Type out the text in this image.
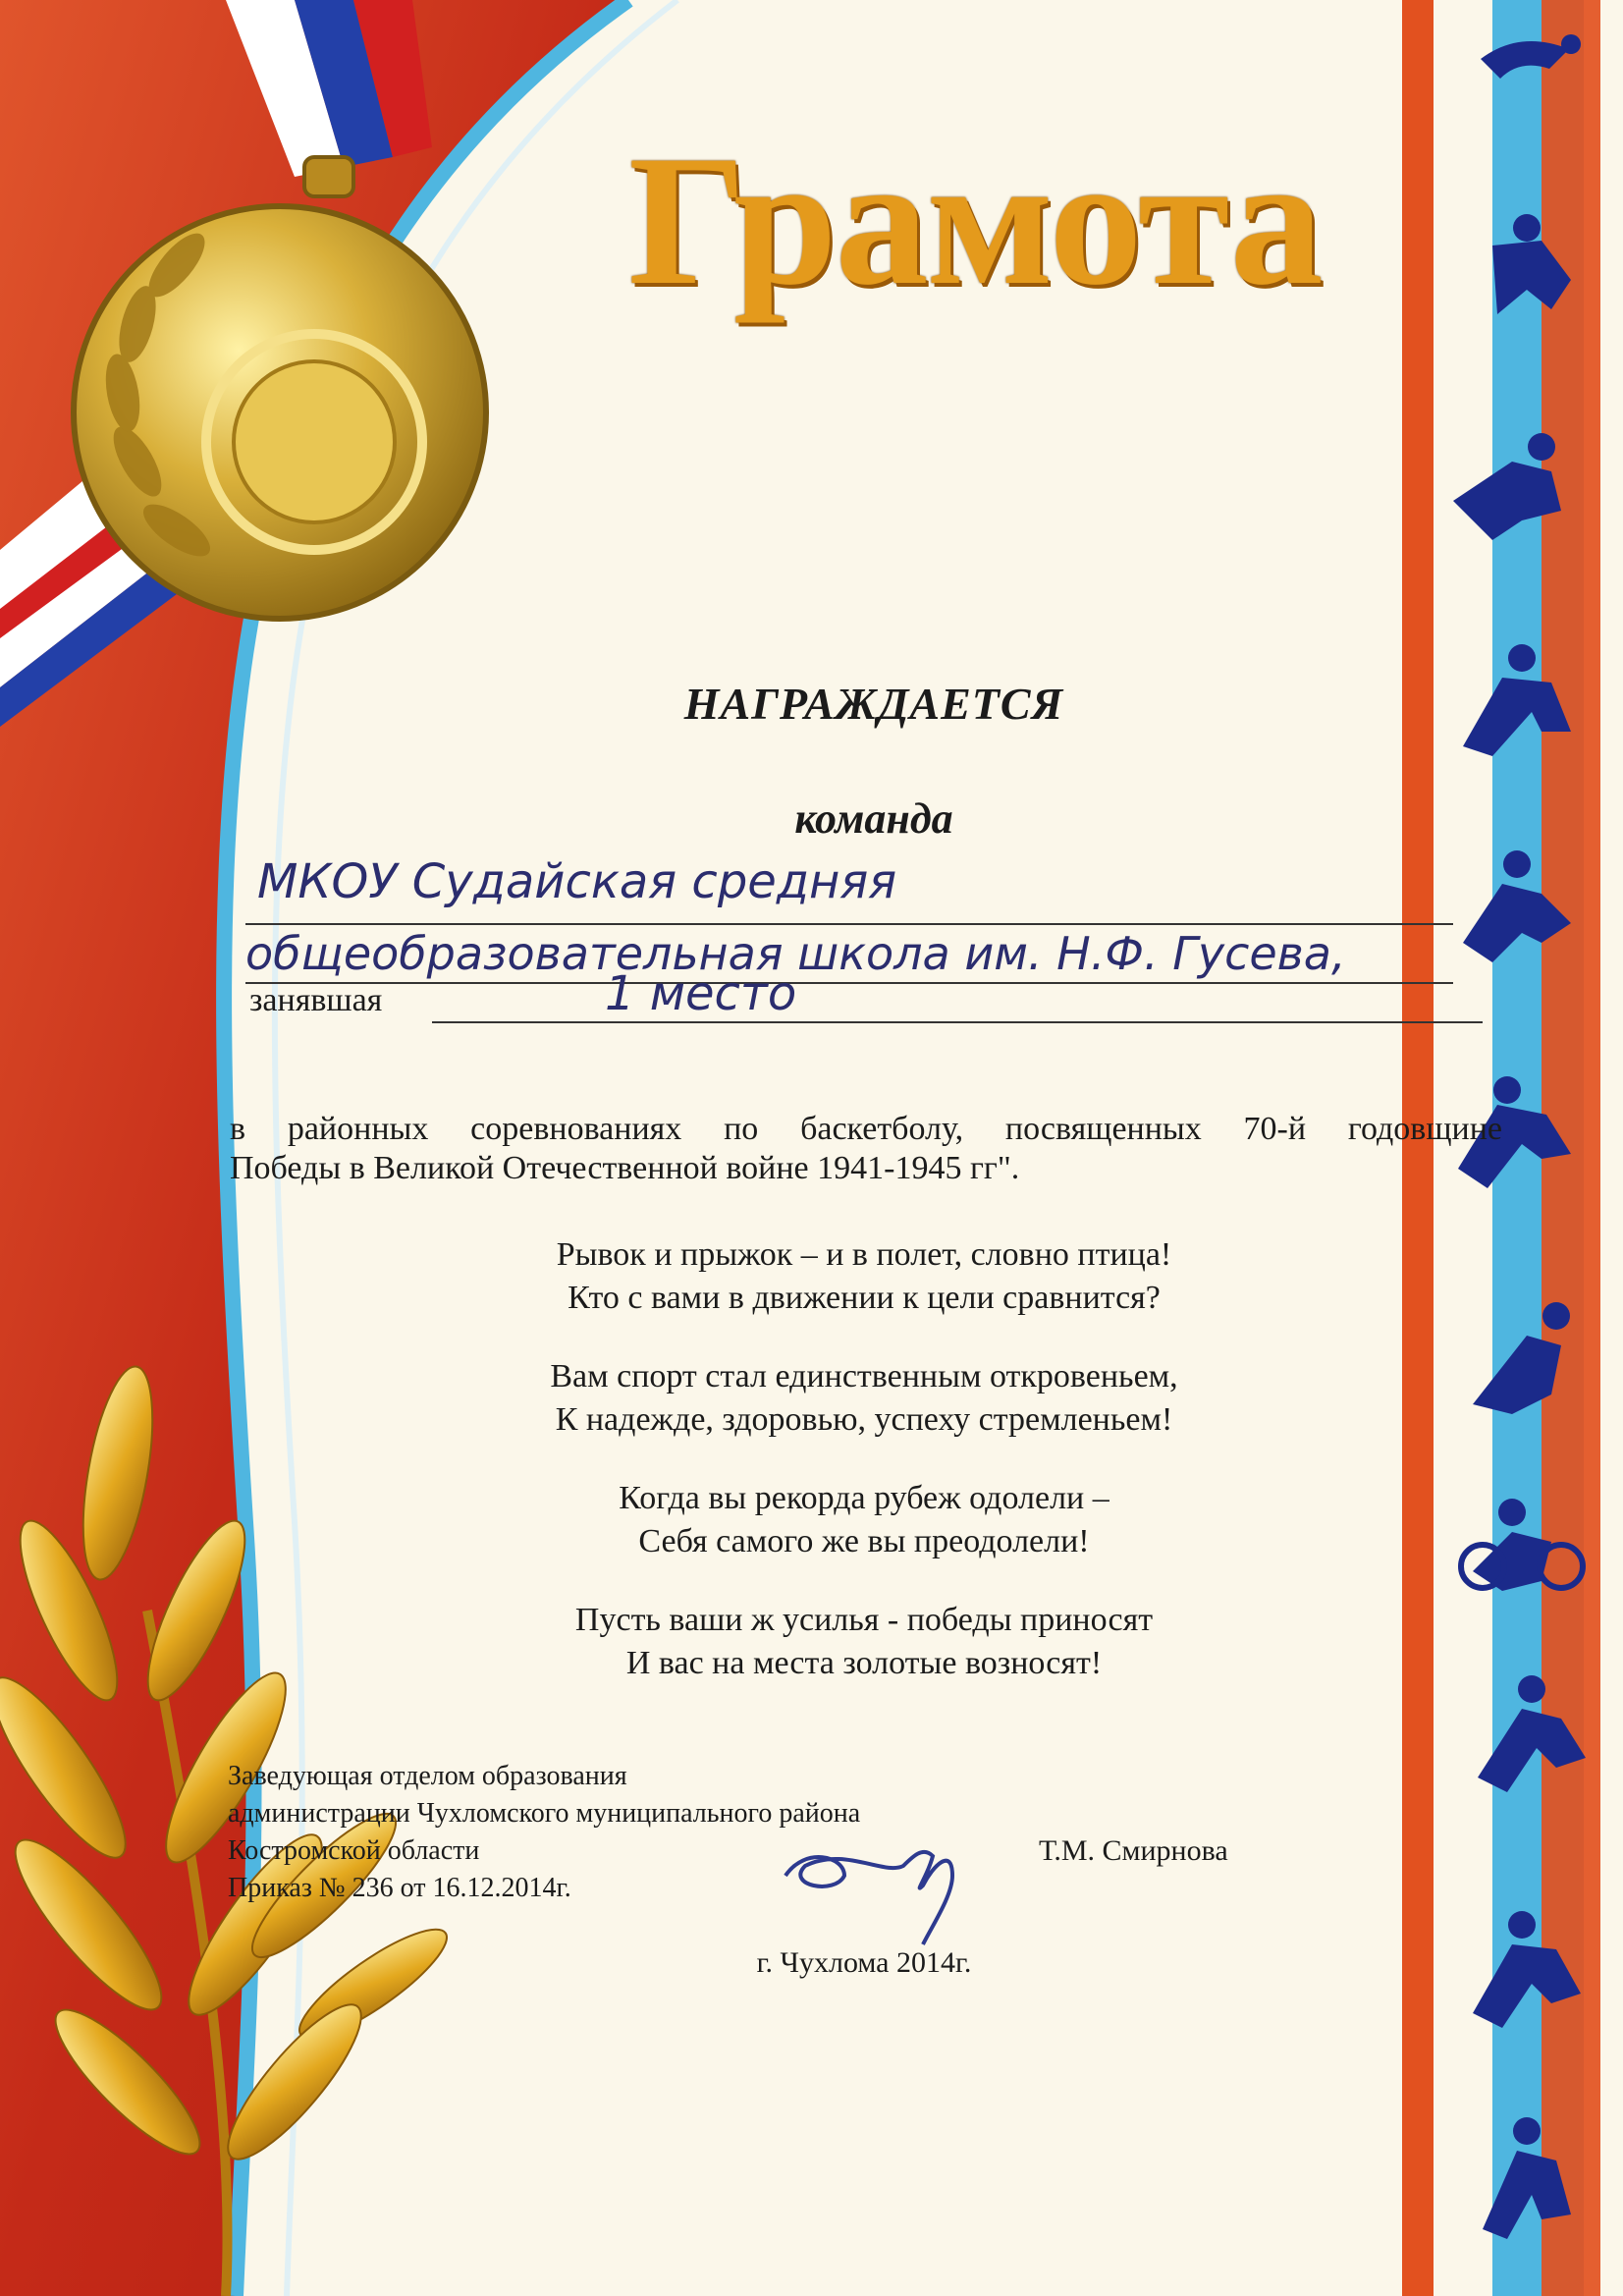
Грамота
НАГРАЖДАЕТСЯ
команда
МКОУ Судайская средняя
общеобразовательная школа им. Н.Ф. Гусева,
занявшая	1 место
в районных соревнованиях по баскетболу, посвященных 70-й годовщине
Победы в Великой Отечественной войне 1941-1945 гг".
Рывок и прыжок – и в полет, словно птица!
Кто с вами в движении к цели сравнится?
Вам спорт стал единственным откровеньем,
К надежде, здоровью, успеху стремленьем!
Когда вы рекорда рубеж одолели –
Себя самого же вы преодолели!
Пусть ваши ж усилья - победы приносят
И вас на места золотые возносят!
Заведующая отделом образования
администрации Чухломского муниципального района
Костромской области
Приказ № 236 от 16.12.2014г.
Т.М. Смирнова
г. Чухлома 2014г.
